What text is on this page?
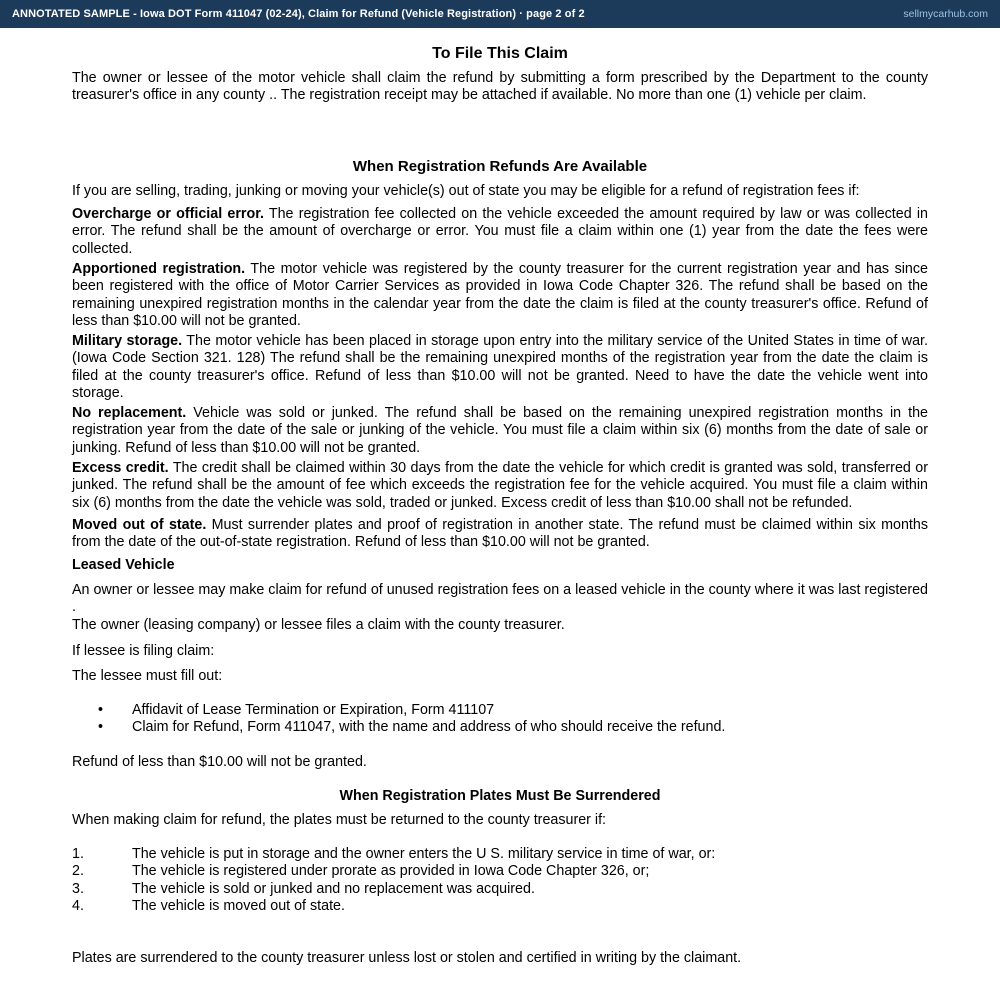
ANNOTATED SAMPLE - Iowa DOT Form 411047 (02-24), Claim for Refund (Vehicle Registration) · page 2 of 2	sellmycarhub.com
To File This Claim
The owner or lessee of the motor vehicle shall claim the refund by submitting a form prescribed by the Department to the county treasurer's office in any county .. The registration receipt may be attached if available. No more than one (1) vehicle per claim.
When Registration Refunds Are Available
If you are selling, trading, junking or moving your vehicle(s) out of state you may be eligible for a refund of registration fees if:
Overcharge or official error. The registration fee collected on the vehicle exceeded the amount required by law or was collected in error. The refund shall be the amount of overcharge or error. You must file a claim within one (1) year from the date the fees were collected.
Apportioned registration. The motor vehicle was registered by the county treasurer for the current registration year and has since been registered with the office of Motor Carrier Services as provided in Iowa Code Chapter 326. The refund shall be based on the remaining unexpired registration months in the calendar year from the date the claim is filed at the county treasurer's office. Refund of less than $10.00 will not be granted.
Military storage. The motor vehicle has been placed in storage upon entry into the military service of the United States in time of war. (Iowa Code Section 321. 128) The refund shall be the remaining unexpired months of the registration year from the date the claim is filed at the county treasurer's office. Refund of less than $10.00 will not be granted. Need to have the date the vehicle went into storage.
No replacement. Vehicle was sold or junked. The refund shall be based on the remaining unexpired registration months in the registration year from the date of the sale or junking of the vehicle. You must file a claim within six (6) months from the date of sale or junking. Refund of less than $10.00 will not be granted.
Excess credit. The credit shall be claimed within 30 days from the date the vehicle for which credit is granted was sold, transferred or junked. The refund shall be the amount of fee which exceeds the registration fee for the vehicle acquired. You must file a claim within six (6) months from the date the vehicle was sold, traded or junked. Excess credit of less than $10.00 shall not be refunded.
Moved out of state. Must surrender plates and proof of registration in another state. The refund must be claimed within six months from the date of the out-of-state registration. Refund of less than $10.00 will not be granted.
Leased Vehicle
An owner or lessee may make claim for refund of unused registration fees on a leased vehicle in the county where it was last registered .
The owner (leasing company) or lessee files a claim with the county treasurer.
If lessee is filing claim:
The lessee must fill out:
•	Affidavit of Lease Termination or Expiration, Form 411107
•	Claim for Refund, Form 411047, with the name and address of who should receive the refund.
Refund of less than $10.00 will not be granted.
When Registration Plates Must Be Surrendered
When making claim for refund, the plates must be returned to the county treasurer if:
1.	The vehicle is put in storage and the owner enters the U S. military service in time of war, or:
2.	The vehicle is registered under prorate as provided in Iowa Code Chapter 326, or;
3.	The vehicle is sold or junked and no replacement was acquired.
4.	The vehicle is moved out of state.
Plates are surrendered to the county treasurer unless lost or stolen and certified in writing by the claimant.
